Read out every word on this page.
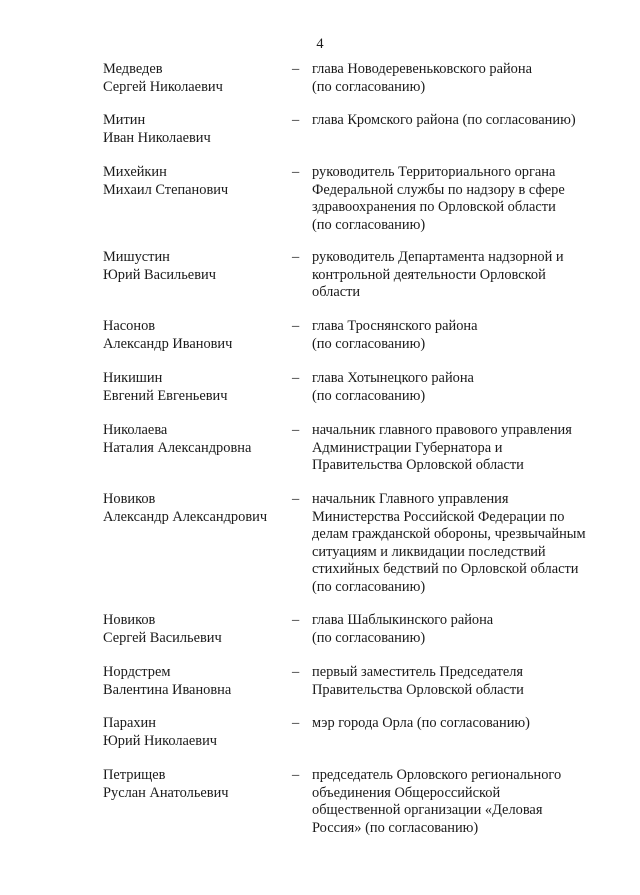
4
Медведев
Сергей Николаевич
– глава Новодеревеньковского района
(по согласованию)
Митин
Иван Николаевич
– глава Кромского района (по согласованию)
Михейкин
Михаил Степанович
– руководитель Территориального органа
Федеральной службы по надзору в сфере
здравоохранения по Орловской области
(по согласованию)
Мишустин
Юрий Васильевич
– руководитель Департамента надзорной и
контрольной деятельности Орловской
области
Насонов
Александр Иванович
– глава Троснянского района
(по согласованию)
Никишин
Евгений Евгеньевич
– глава Хотынецкого района
(по согласованию)
Николаева
Наталия Александровна
– начальник главного правового управления
Администрации Губернатора и
Правительства Орловской области
Новиков
Александр Александрович
– начальник Главного управления
Министерства Российской Федерации по
делам гражданской обороны, чрезвычайным
ситуациям и ликвидации последствий
стихийных бедствий по Орловской области
(по согласованию)
Новиков
Сергей Васильевич
– глава Шаблыкинского района
(по согласованию)
Нордстрем
Валентина Ивановна
– первый заместитель Председателя
Правительства Орловской области
Парахин
Юрий Николаевич
– мэр города Орла (по согласованию)
Петрищев
Руслан Анатольевич
– председатель Орловского регионального
объединения Общероссийской
общественной организации «Деловая
Россия» (по согласованию)
